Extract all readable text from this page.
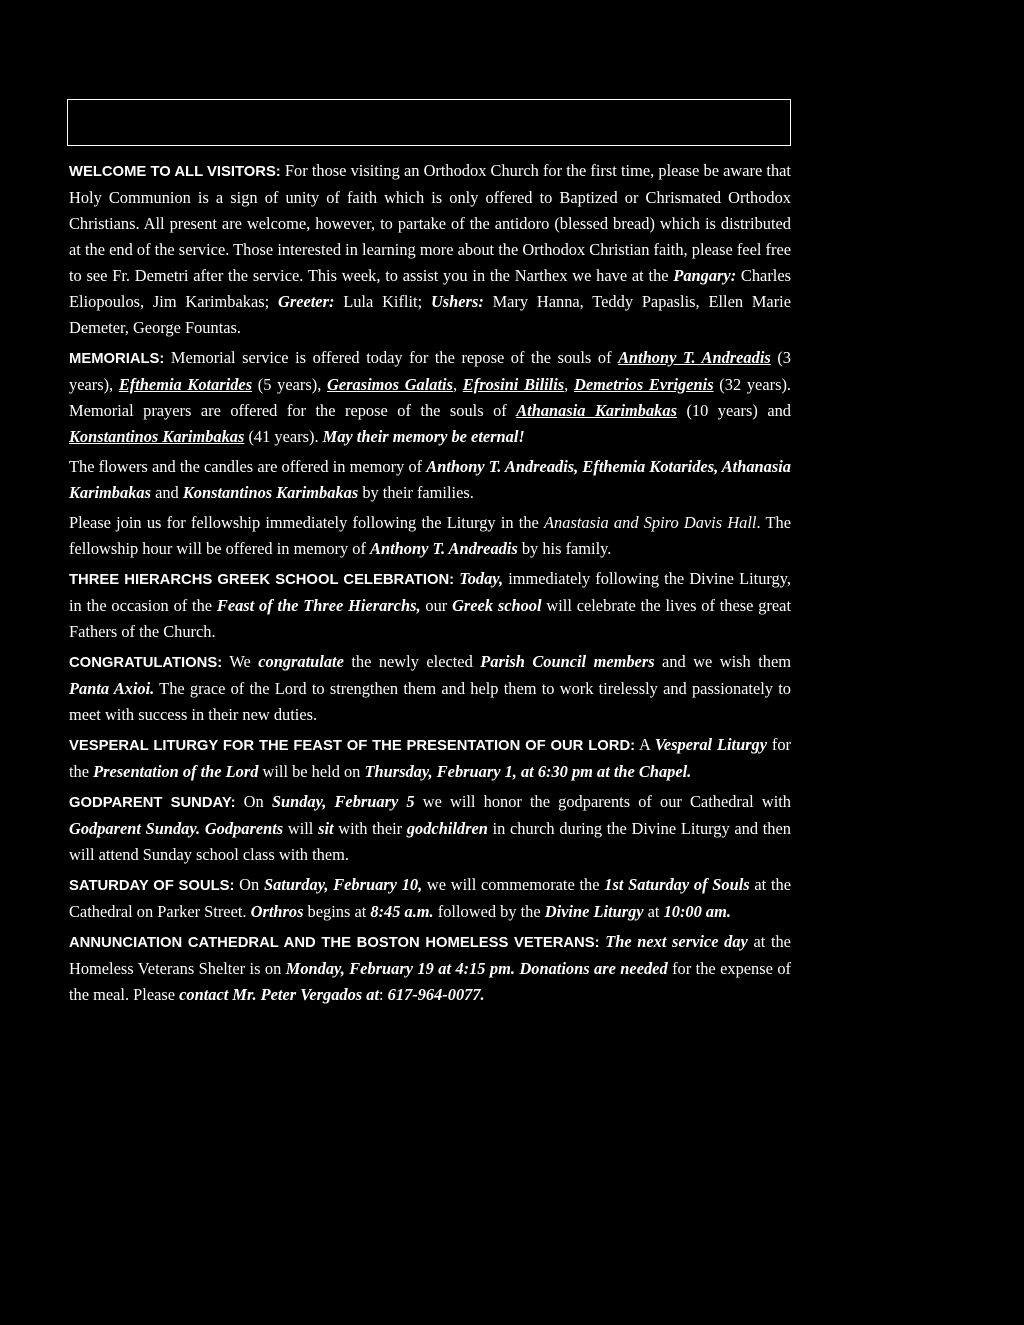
WELCOME TO ALL VISITORS: For those visiting an Orthodox Church for the first time, please be aware that Holy Communion is a sign of unity of faith which is only offered to Baptized or Chrismated Orthodox Christians. All present are welcome, however, to partake of the antidoro (blessed bread) which is distributed at the end of the service. Those interested in learning more about the Orthodox Christian faith, please feel free to see Fr. Demetri after the service. This week, to assist you in the Narthex we have at the Pangary: Charles Eliopoulos, Jim Karimbakas; Greeter: Lula Kiflit; Ushers: Mary Hanna, Teddy Papaslis, Ellen Marie Demeter, George Fountas.

MEMORIALS: Memorial service is offered today for the repose of the souls of Anthony T. Andreadis (3 years), Efthemia Kotarides (5 years), Gerasimos Galatis, Efrosini Bililis, Demetrios Evrigenis (32 years). Memorial prayers are offered for the repose of the souls of Athanasia Karimbakas (10 years) and Konstantinos Karimbakas (41 years). May their memory be eternal!

The flowers and the candles are offered in memory of Anthony T. Andreadis, Efthemia Kotarides, Athanasia Karimbakas and Konstantinos Karimbakas by their families.

Please join us for fellowship immediately following the Liturgy in the Anastasia and Spiro Davis Hall. The fellowship hour will be offered in memory of Anthony T. Andreadis by his family.

THREE HIERARCHS GREEK SCHOOL CELEBRATION: Today, immediately following the Divine Liturgy, in the occasion of the Feast of the Three Hierarchs, our Greek school will celebrate the lives of these great Fathers of the Church.

CONGRATULATIONS: We congratulate the newly elected Parish Council members and we wish them Panta Axioi. The grace of the Lord to strengthen them and help them to work tirelessly and passionately to meet with success in their new duties.

VESPERAL LITURGY FOR THE FEAST OF THE PRESENTATION OF OUR LORD: A Vesperal Liturgy for the Presentation of the Lord will be held on Thursday, February 1, at 6:30 pm at the Chapel.

GODPARENT SUNDAY: On Sunday, February 5 we will honor the godparents of our Cathedral with Godparent Sunday. Godparents will sit with their godchildren in church during the Divine Liturgy and then will attend Sunday school class with them.

SATURDAY OF SOULS: On Saturday, February 10, we will commemorate the 1st Saturday of Souls at the Cathedral on Parker Street. Orthros begins at 8:45 a.m. followed by the Divine Liturgy at 10:00 am.

ANNUNCIATION CATHEDRAL AND THE BOSTON HOMELESS VETERANS: The next service day at the Homeless Veterans Shelter is on Monday, February 19 at 4:15 pm. Donations are needed for the expense of the meal. Please contact Mr. Peter Vergados at: 617-964-0077.
